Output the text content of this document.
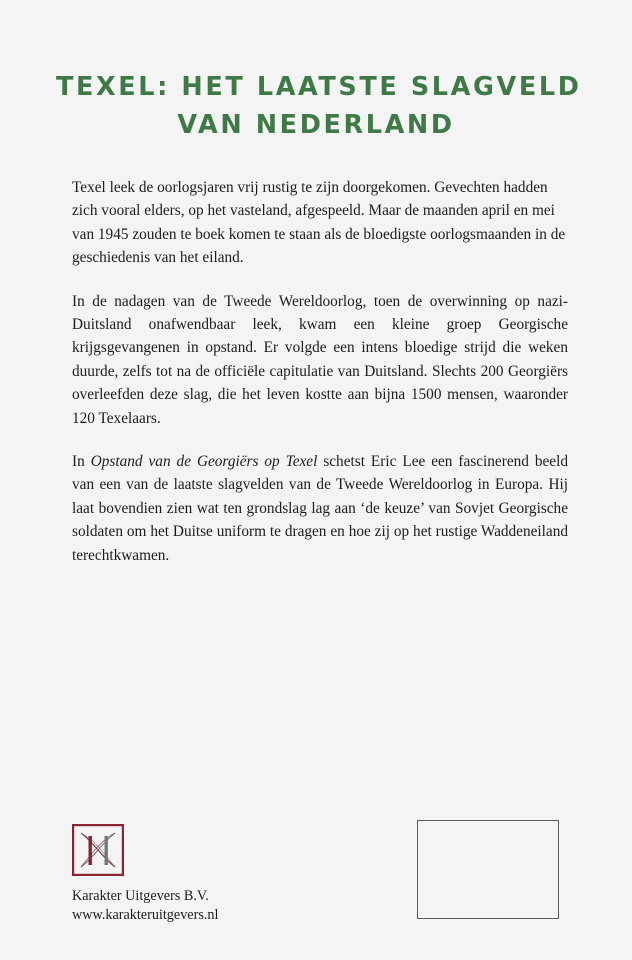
TEXEL: HET LAATSTE SLAGVELD
VAN NEDERLAND

Texel leek de oorlogsjaren vrij rustig te zijn doorgekomen. Gevechten hadden zich vooral elders, op het vasteland, afgespeeld. Maar de maanden april en mei van 1945 zouden te boek komen te staan als de bloedigste oorlogsmaanden in de geschiedenis van het eiland.

In de nadagen van de Tweede Wereldoorlog, toen de overwinning op nazi-Duitsland onafwendbaar leek, kwam een kleine groep Georgische krijgsgevangenen in opstand. Er volgde een intens bloedige strijd die weken duurde, zelfs tot na de officiële capitulatie van Duitsland. Slechts 200 Georgiërs overleefden deze slag, die het leven kostte aan bijna 1500 mensen, waaronder 120 Texelaars.

In Opstand van de Georgiërs op Texel schetst Eric Lee een fascinerend beeld van een van de laatste slagvelden van de Tweede Wereldoorlog in Europa. Hij laat bovendien zien wat ten grondslag lag aan ‘de keuze’ van Sovjet Georgische soldaten om het Duitse uniform te dragen en hoe zij op het rustige Waddeneiland terechtkwamen.

Karakter Uitgevers B.V.
www.karakteruitgevers.nl
